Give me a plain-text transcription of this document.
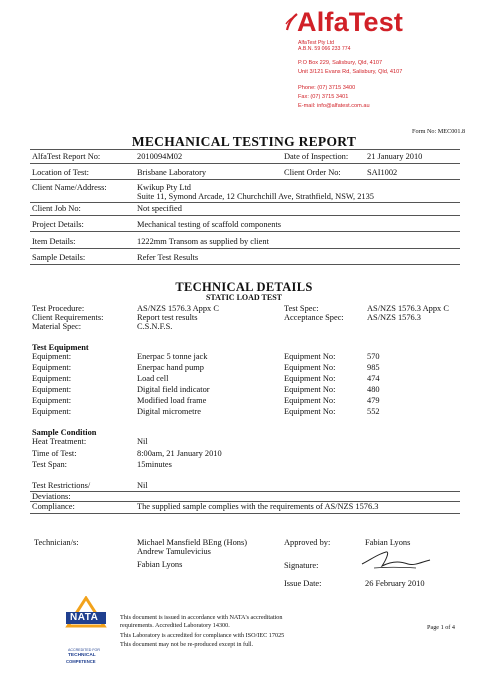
AlfaTest
AlfaTest Pty Ltd
A.B.N. 59 066 233 774
P.O Box 229, Salisbury, Qld, 4107
Unit 3/121 Evans Rd, Salisbury, Qld, 4107
Phone: (07) 3715 3400
Fax: (07) 3715 3401
E-mail: info@alfatest.com.au
Form No: MEC001.8
MECHANICAL TESTING REPORT
AlfaTest Report No:	2010094M02	Date of Inspection: 21 January 2010
Location of Test:	Brisbane Laboratory	Client Order No:	SAI1002
Client Name/Address:	Kwikup Pty Ltd
Suite 11, Symond Arcade, 12 Churchchill Ave, Strathfield, NSW, 2135
Client Job No:	Not specified
Project Details:	Mechanical testing of scaffold components
Item Details:	1222mm Transom as supplied by client
Sample Details:	Refer Test Results
TECHNICAL DETAILS
STATIC LOAD TEST
Test Procedure:	AS/NZS 1576.3 Appx C	Test Spec:	AS/NZS 1576.3 Appx C
Client Requirements:	Report test results	Acceptance Spec:	AS/NZS 1576.3
Material Spec:	C.S.N.F.S.
Test Equipment
Equipment:	Enerpac 5 tonne jack	Equipment No:	570
Equipment:	Enerpac hand pump	Equipment No:	985
Equipment:	Load cell	Equipment No:	474
Equipment:	Digital field indicator	Equipment No:	480
Equipment:	Modified load frame	Equipment No:	479
Equipment:	Digital micrometre	Equipment No:	552
Sample Condition
Heat Treatment:	Nil
Time of Test:	8:00am, 21 January 2010
Test Span:	15minutes
Test Restrictions/	Nil
Deviations:
Compliance:	The supplied sample complies with the requirements of AS/NZS 1576.3
Technician/s:	Michael Mansfield BEng (Hons)
Andrew Tamulevicius
Fabian Lyons
Approved by:	Fabian Lyons
Signature:
Issue Date:	26 February 2010
NATA
ACCREDITED FOR
TECHNICAL
COMPETENCE
This document is issued in accordance with NATA's accreditation
requirements. Accredited Laboratory 14300.
This Laboratory is accredited for compliance with ISO/IEC 17025
This document may not be re-produced except in full.
Page 1 of 4
